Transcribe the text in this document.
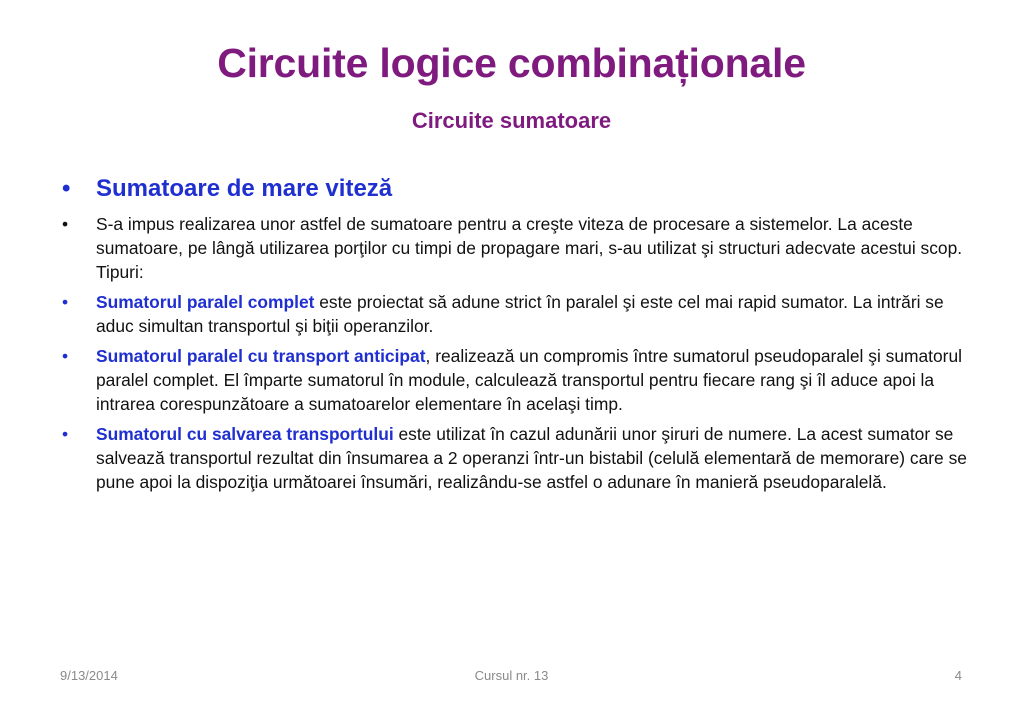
Circuite logice combinaționale
Circuite sumatoare
• Sumatoare de mare viteză
• S-a impus realizarea unor astfel de sumatoare pentru a creşte viteza de procesare a sistemelor. La aceste sumatoare, pe lângă utilizarea porţilor cu timpi de propagare mari, s-au utilizat şi structuri adecvate acestui scop. Tipuri:
• Sumatorul paralel complet este proiectat să adune strict în paralel şi este cel mai rapid sumator. La intrări se aduc simultan transportul şi biţii operanzilor.
• Sumatorul paralel cu transport anticipat, realizează un compromis între sumatorul pseudoparalel şi sumatorul paralel complet. El împarte sumatorul în module, calculează transportul pentru fiecare rang şi îl aduce apoi la intrarea corespunzătoare a sumatoarelor elementare în acelaşi timp.
• Sumatorul cu salvarea transportului este utilizat în cazul adunării unor şiruri de numere. La acest sumator se salvează transportul rezultat din însumarea a 2 operanzi într-un bistabil (celulă elementară de memorare) care se pune apoi la dispoziţia următoarei însumări, realizându-se astfel o adunare în manieră pseudoparalelă.
9/13/2014	Cursul nr. 13	4
